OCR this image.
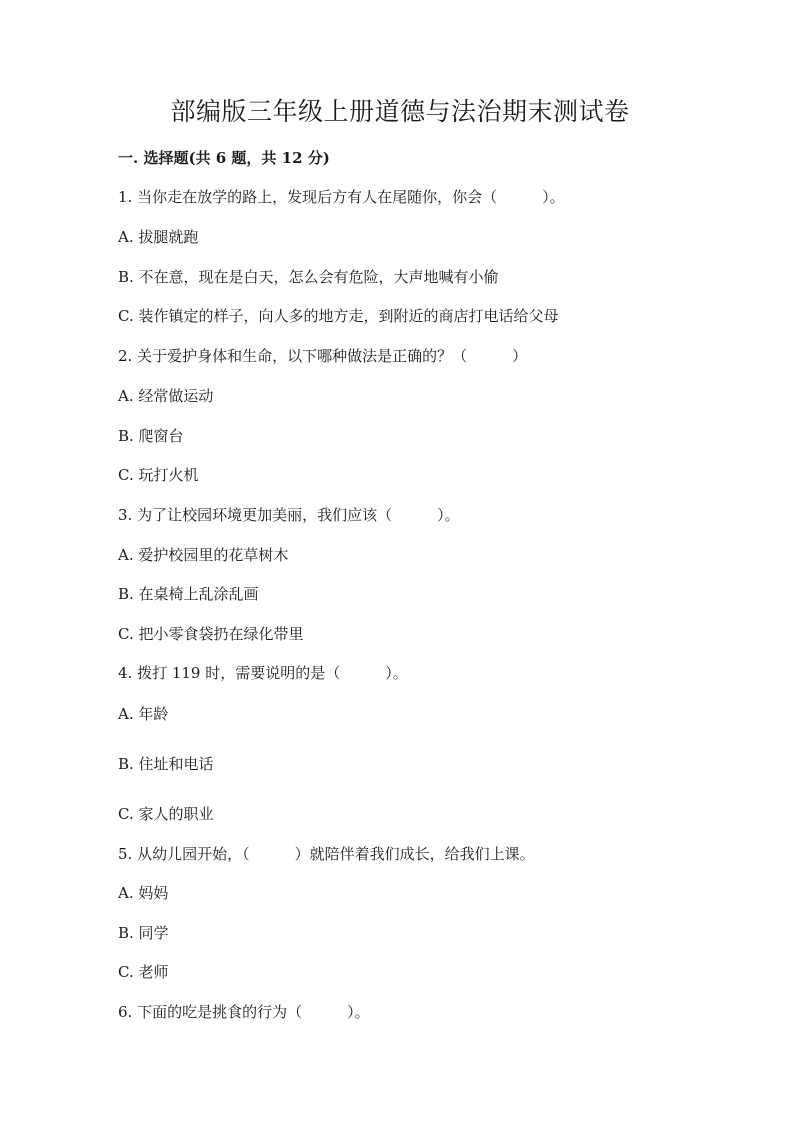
部编版三年级上册道德与法治期末测试卷
一. 选择题(共 6 题，共 12 分)
1. 当你走在放学的路上，发现后方有人在尾随你，你会（　　　）。
A. 拔腿就跑
B. 不在意，现在是白天，怎么会有危险，大声地喊有小偷
C. 装作镇定的样子，向人多的地方走，到附近的商店打电话给父母
2. 关于爱护身体和生命，以下哪种做法是正确的？（　　　）
A. 经常做运动
B. 爬窗台
C. 玩打火机
3. 为了让校园环境更加美丽，我们应该（　　　）。
A. 爱护校园里的花草树木
B. 在桌椅上乱涂乱画
C. 把小零食袋扔在绿化带里
4. 拨打 119 时，需要说明的是（　　　）。
A. 年龄
B. 住址和电话
C. 家人的职业
5. 从幼儿园开始，（　　　）就陪伴着我们成长，给我们上课。
A. 妈妈
B. 同学
C. 老师
6. 下面的吃是挑食的行为（　　　）。
